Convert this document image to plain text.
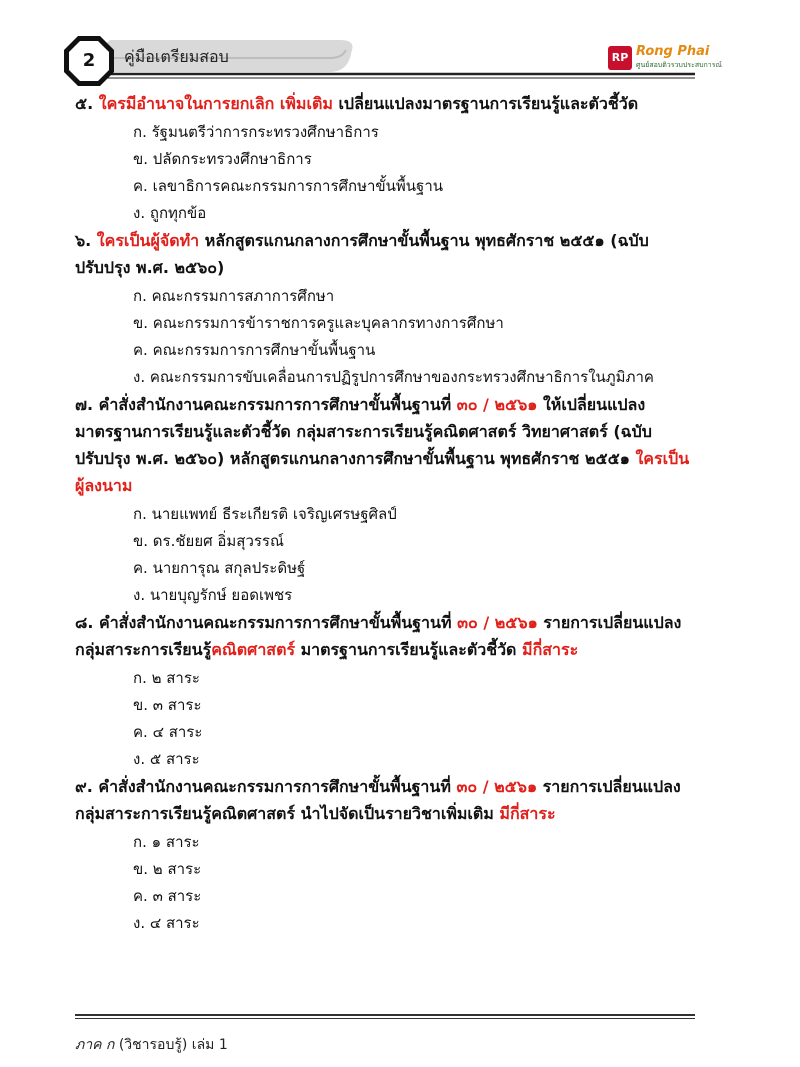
2	คู่มือเตรียมสอบ	RP Rong Phai
ศูนย์สอบติวรวบประสบการณ์

๕. ใครมีอำนาจในการยกเลิก เพิ่มเติม เปลี่ยนแปลงมาตรฐานการเรียนรู้และตัวชี้วัด

ก. รัฐมนตรีว่าการกระทรวงศึกษาธิการ

ข. ปลัดกระทรวงศึกษาธิการ

ค. เลขาธิการคณะกรรมการการศึกษาขั้นพื้นฐาน

ง. ถูกทุกข้อ

๖. ใครเป็นผู้จัดทำ หลักสูตรแกนกลางการศึกษาขั้นพื้นฐาน พุทธศักราช ๒๕๕๑ (ฉบับปรับปรุง พ.ศ. ๒๕๖๐)

ก. คณะกรรมการสภาการศึกษา

ข. คณะกรรมการข้าราชการครูและบุคลากรทางการศึกษา

ค. คณะกรรมการการศึกษาขั้นพื้นฐาน

ง. คณะกรรมการขับเคลื่อนการปฏิรูปการศึกษาของกระทรวงศึกษาธิการในภูมิภาค

๗. คำสั่งสำนักงานคณะกรรมการการศึกษาขั้นพื้นฐานที่ ๓๐ / ๒๕๖๑ ให้เปลี่ยนแปลงมาตรฐานการเรียนรู้และตัวชี้วัด กลุ่มสาระการเรียนรู้คณิตศาสตร์ วิทยาศาสตร์ (ฉบับปรับปรุง พ.ศ. ๒๕๖๐) หลักสูตรแกนกลางการศึกษาขั้นพื้นฐาน พุทธศักราช ๒๕๕๑ ใครเป็นผู้ลงนาม

ก. นายแพทย์ ธีระเกียรติ เจริญเศรษฐศิลป์

ข. ดร.ชัยยศ อิ่มสุวรรณ์

ค. นายการุณ สกุลประดิษฐ์

ง. นายบุญรักษ์ ยอดเพชร

๘. คำสั่งสำนักงานคณะกรรมการการศึกษาขั้นพื้นฐานที่ ๓๐ / ๒๕๖๑ รายการเปลี่ยนแปลง กลุ่มสาระการเรียนรู้คณิตศาสตร์ มาตรฐานการเรียนรู้และตัวชี้วัด มีกี่สาระ

ก. ๒ สาระ

ข. ๓ สาระ

ค. ๔ สาระ

ง. ๕ สาระ

๙. คำสั่งสำนักงานคณะกรรมการการศึกษาขั้นพื้นฐานที่ ๓๐ / ๒๕๖๑ รายการเปลี่ยนแปลงกลุ่มสาระการเรียนรู้คณิตศาสตร์ นำไปจัดเป็นรายวิชาเพิ่มเติม มีกี่สาระ

ก. ๑ สาระ

ข. ๒ สาระ

ค. ๓ สาระ

ง. ๔ สาระ

ภาค ก (วิชารอบรู้) เล่ม 1
